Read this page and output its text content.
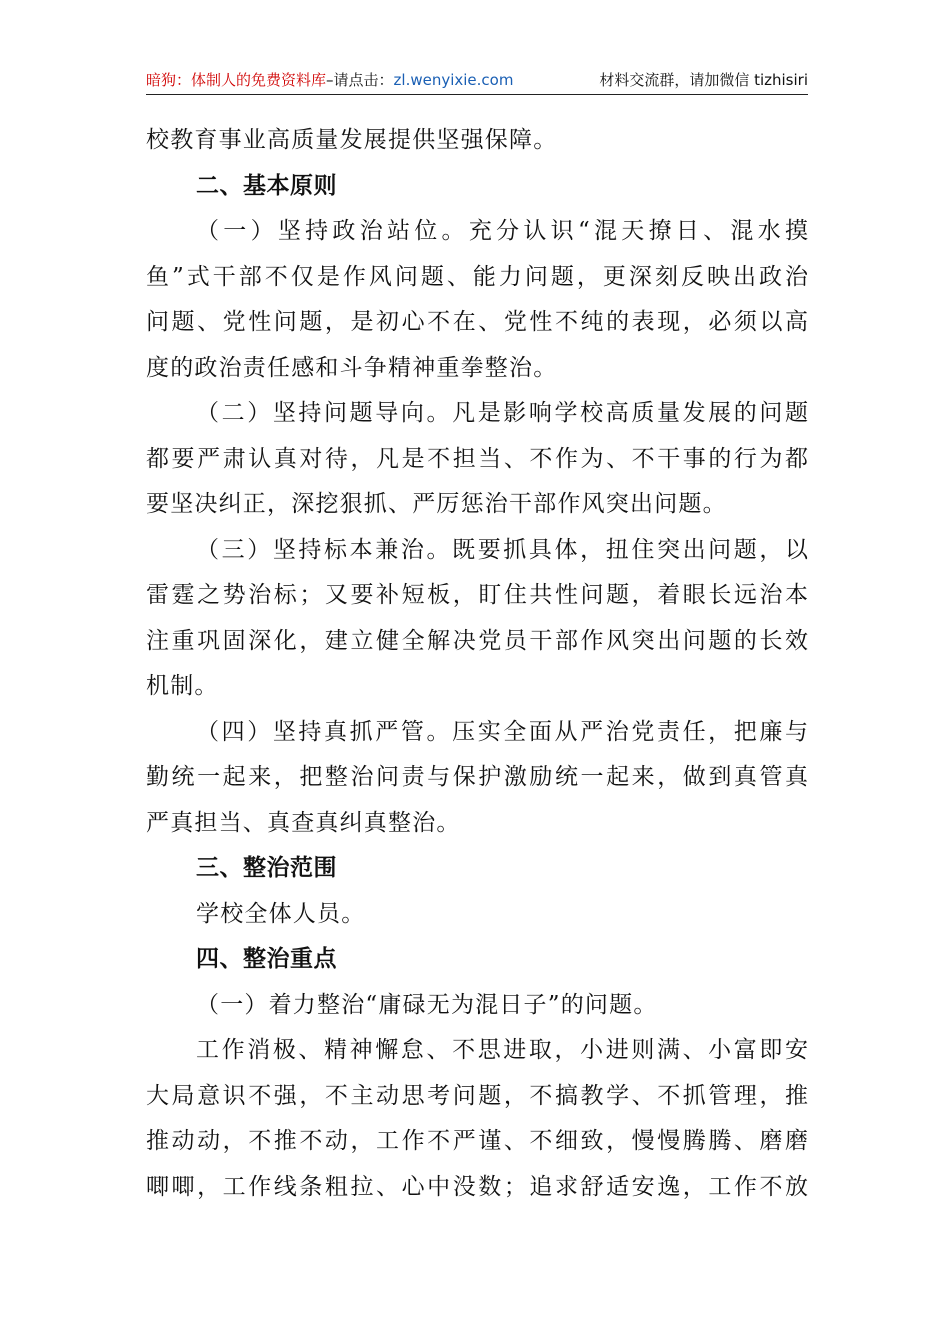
暗狗：体制人的免费资料库–请点击：zl.wenyixie.com	材料交流群，请加微信 tizhisiri
校教育事业高质量发展提供坚强保障。
二、基本原则
（一）坚持政治站位。充分认识“混天撩日、混水摸
鱼”式干部不仅是作风问题、能力问题，更深刻反映出政治
问题、党性问题，是初心不在、党性不纯的表现，必须以高
度的政治责任感和斗争精神重拳整治。
（二）坚持问题导向。凡是影响学校高质量发展的问题
都要严肃认真对待，凡是不担当、不作为、不干事的行为都
要坚决纠正，深挖狠抓、严厉惩治干部作风突出问题。
（三）坚持标本兼治。既要抓具体，扭住突出问题，以
雷霆之势治标；又要补短板，盯住共性问题，着眼长远治本
注重巩固深化，建立健全解决党员干部作风突出问题的长效
机制。
（四）坚持真抓严管。压实全面从严治党责任，把廉与
勤统一起来，把整治问责与保护激励统一起来，做到真管真
严真担当、真查真纠真整治。
三、整治范围
学校全体人员。
四、整治重点
（一）着力整治“庸碌无为混日子”的问题。
工作消极、精神懈怠、不思进取，小进则满、小富即安
大局意识不强，不主动思考问题，不搞教学、不抓管理，推
推动动，不推不动，工作不严谨、不细致，慢慢腾腾、磨磨
唧唧，工作线条粗拉、心中没数；追求舒适安逸，工作不放
